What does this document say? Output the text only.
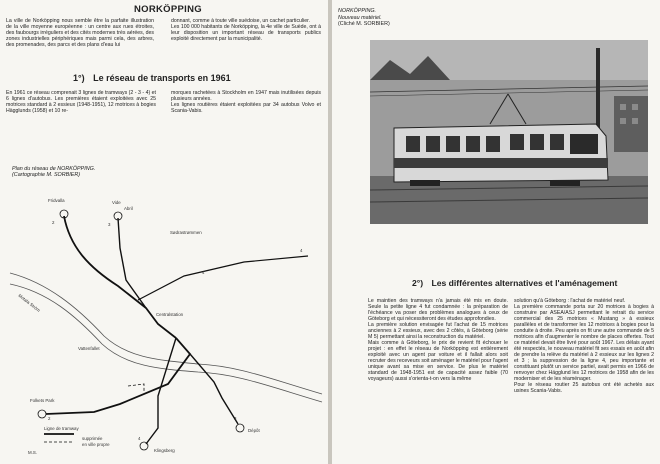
NORKÖPPING

La ville de Norköpping nous semble être la parfaite illustration de la ville moyenne européenne : un centre aux rues étroites, des faubourgs irréguliers et des cités modernes très aérées, des zones industrielles périphériques mais parmi cela, des arbres, des promenades, des parcs et des plans d'eau lui

donnant, comme à toute ville suédoise, un cachet particulier.
Les 100 000 habitants de Norköpping, la 4e ville de Suède, ont à leur disposition un important réseau de transports publics exploité directement par la municipalité.

1°) Le réseau de transports en 1961

En 1961 ce réseau comprenait 3 lignes de tramways (2 - 3 - 4) et 6 lignes d'autobus. Les premières étaient exploitées avec 25 motrices standard à 2 essieux (1948-1951), 12 motrices à bogies Hägglunds (1958) et 10 re-

morques rachetées à Stockholm en 1947 mais inutilisées depuis plusieurs années.
Les lignes routières étaient exploitées par 34 autobus Volvo et Scania-Vabis.

Plan du réseau de NORKÖPPING.
(Cartographie M. SORBIER)
Fridvalla	Vide
Abril
Sødrastrømmen
Motala Ström
Centralstation
Vattenfallet
Folkets Park
Dépôt
Klingsberg
2
2
3
3
4
4
4
Ligne de tramway
supprimée
en ville propre
M.S.
NORKÖPPING.
Nouveau matériel.
(Cliché M. SORBIER)
2°) Les différentes alternatives et l'aménagement

Le maintien des tramways n'a jamais été mis en doute. Seule la petite ligne 4 fut condamnée : la préparation de l'échéance va poser des problèmes analogues à ceux de Göteborg et qui nécessiteront des études approfondies.
La première solution envisagée fut l'achat de 15 motrices anciennes à 2 essieux, avec des 2 côtés, à Göteborg (série M 5) permettant ainsi la reconstruction du matériel.
Mais comme à Göteborg, le prix de revient fit échouer le projet : en effet le réseau de Norköpping est entièrement exploité avec un agent par voiture et il fallait alors soit recruter des receveurs soit aménager le matériel pour l'agent unique avant sa mise en service. De plus le matériel standard de 1948-1951 est de capacité assez faible (70 voyageurs) aussi s'orienta-t-on vers la même

solution qu'à Göteborg : l'achat de matériel neuf.
La première commande porta sur 20 motrices à bogies à construire par ASEA/ASJ permettant le retrait du service commercial des 25 motrices « Mustang » à essieux parallèles et de transformer les 12 motrices à bogies pour la conduite à droite. Peu après on fit une autre commande de 5 motrices afin d'augmenter le nombre de places offertes. Tout ce matériel devait être livré pour août 1967. Les délais ayant été respectés, le nouveau matériel fit ses essais en août afin de prendre la relève du matériel à 2 essieux sur les lignes 2 et 3 ; la suppression de la ligne 4, peu importante et constituant plutôt un service partiel, avait permis en 1966 de renvoyer chez Hägglund les 12 motrices de 1958 afin de les moderniser et de les réaménager.
Pour le réseau routier 25 autobus ont été achetés aux usines Scania-Vabis.
